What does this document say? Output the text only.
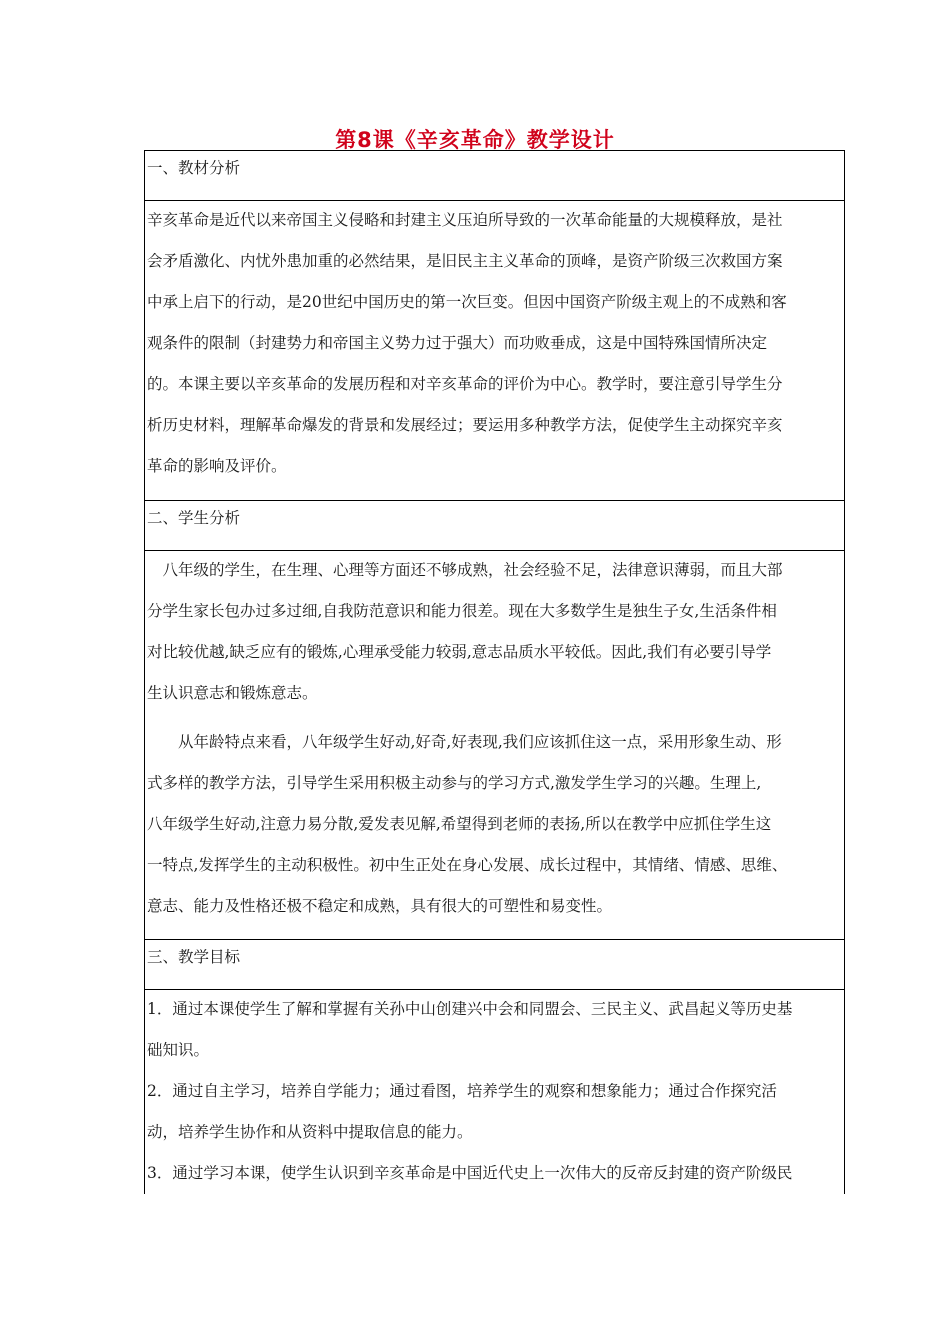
第8课《辛亥革命》教学设计
一、教材分析
辛亥革命是近代以来帝国主义侵略和封建主义压迫所导致的一次革命能量的大规模释放，是社
会矛盾激化、内忧外患加重的必然结果，是旧民主主义革命的顶峰，是资产阶级三次救国方案
中承上启下的行动，是20世纪中国历史的第一次巨变。但因中国资产阶级主观上的不成熟和客
观条件的限制（封建势力和帝国主义势力过于强大）而功败垂成，这是中国特殊国情所决定
的。本课主要以辛亥革命的发展历程和对辛亥革命的评价为中心。教学时，要注意引导学生分
析历史材料，理解革命爆发的背景和发展经过；要运用多种教学方法，促使学生主动探究辛亥
革命的影响及评价。
二、学生分析
　八年级的学生，在生理、心理等方面还不够成熟，社会经验不足，法律意识薄弱，而且大部
分学生家长包办过多过细,自我防范意识和能力很差。现在大多数学生是独生子女,生活条件相
对比较优越,缺乏应有的锻炼,心理承受能力较弱,意志品质水平较低。因此,我们有必要引导学
生认识意志和锻炼意志。
　　从年龄特点来看，八年级学生好动,好奇,好表现,我们应该抓住这一点，采用形象生动、形
式多样的教学方法，引导学生采用积极主动参与的学习方式,激发学生学习的兴趣。生理上,
八年级学生好动,注意力易分散,爱发表见解,希望得到老师的表扬,所以在教学中应抓住学生这
一特点,发挥学生的主动积极性。初中生正处在身心发展、成长过程中，其情绪、情感、思维、
意志、能力及性格还极不稳定和成熟，具有很大的可塑性和易变性。
三、教学目标
1．通过本课使学生了解和掌握有关孙中山创建兴中会和同盟会、三民主义、武昌起义等历史基
础知识。
2．通过自主学习，培养自学能力；通过看图，培养学生的观察和想象能力；通过合作探究活
动，培养学生协作和从资料中提取信息的能力。
3．通过学习本课，使学生认识到辛亥革命是中国近代史上一次伟大的反帝反封建的资产阶级民
